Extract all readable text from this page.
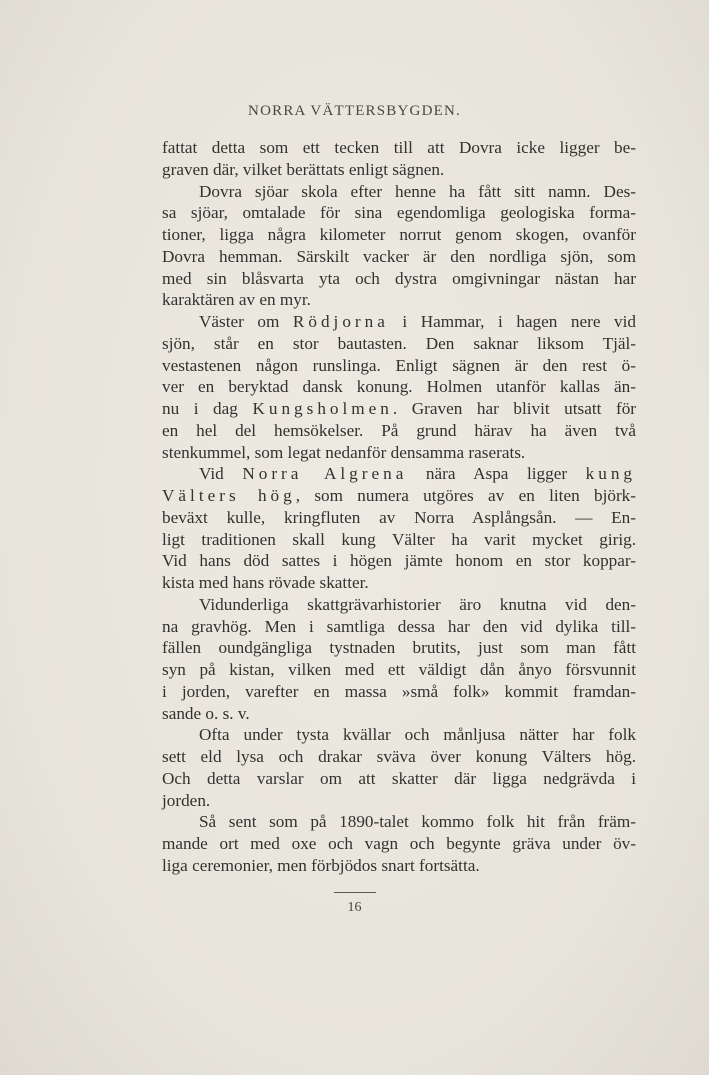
NORRA VÄTTERSBYGDEN.
fattat detta som ett tecken till att Dovra icke ligger be-
graven där, vilket berättats enligt sägnen.
Dovra sjöar skola efter henne ha fått sitt namn. Des-
sa sjöar, omtalade för sina egendomliga geologiska forma-
tioner, ligga några kilometer norrut genom skogen, ovanför
Dovra hemman. Särskilt vacker är den nordliga sjön, som
med sin blåsvarta yta och dystra omgivningar nästan har
karaktären av en myr.
Väster om Rödjorna i Hammar, i hagen nere vid
sjön, står en stor bautasten. Den saknar liksom Tjäl-
vestastenen någon runslinga. Enligt sägnen är den rest ö-
ver en beryktad dansk konung. Holmen utanför kallas än-
nu i dag Kungsholmen. Graven har blivit utsatt för
en hel del hemsökelser. På grund härav ha även två
stenkummel, som legat nedanför densamma raserats.
Vid Norra Algrena nära Aspa ligger kung
Välters hög, som numera utgöres av en liten björk-
beväxt kulle, kringfluten av Norra Asplångsån. — En-
ligt traditionen skall kung Välter ha varit mycket girig.
Vid hans död sattes i högen jämte honom en stor koppar-
kista med hans rövade skatter.
Vidunderliga skattgrävarhistorier äro knutna vid den-
na gravhög. Men i samtliga dessa har den vid dylika till-
fällen oundgängliga tystnaden brutits, just som man fått
syn på kistan, vilken med ett väldigt dån ånyo försvunnit
i jorden, varefter en massa »små folk» kommit framdan-
sande o. s. v.
Ofta under tysta kvällar och månljusa nätter har folk
sett eld lysa och drakar sväva över konung Välters hög.
Och detta varslar om att skatter där ligga nedgrävda i
jorden.
Så sent som på 1890-talet kommo folk hit från främ-
mande ort med oxe och vagn och begynte gräva under öv-
liga ceremonier, men förbjödos snart fortsätta.
16
